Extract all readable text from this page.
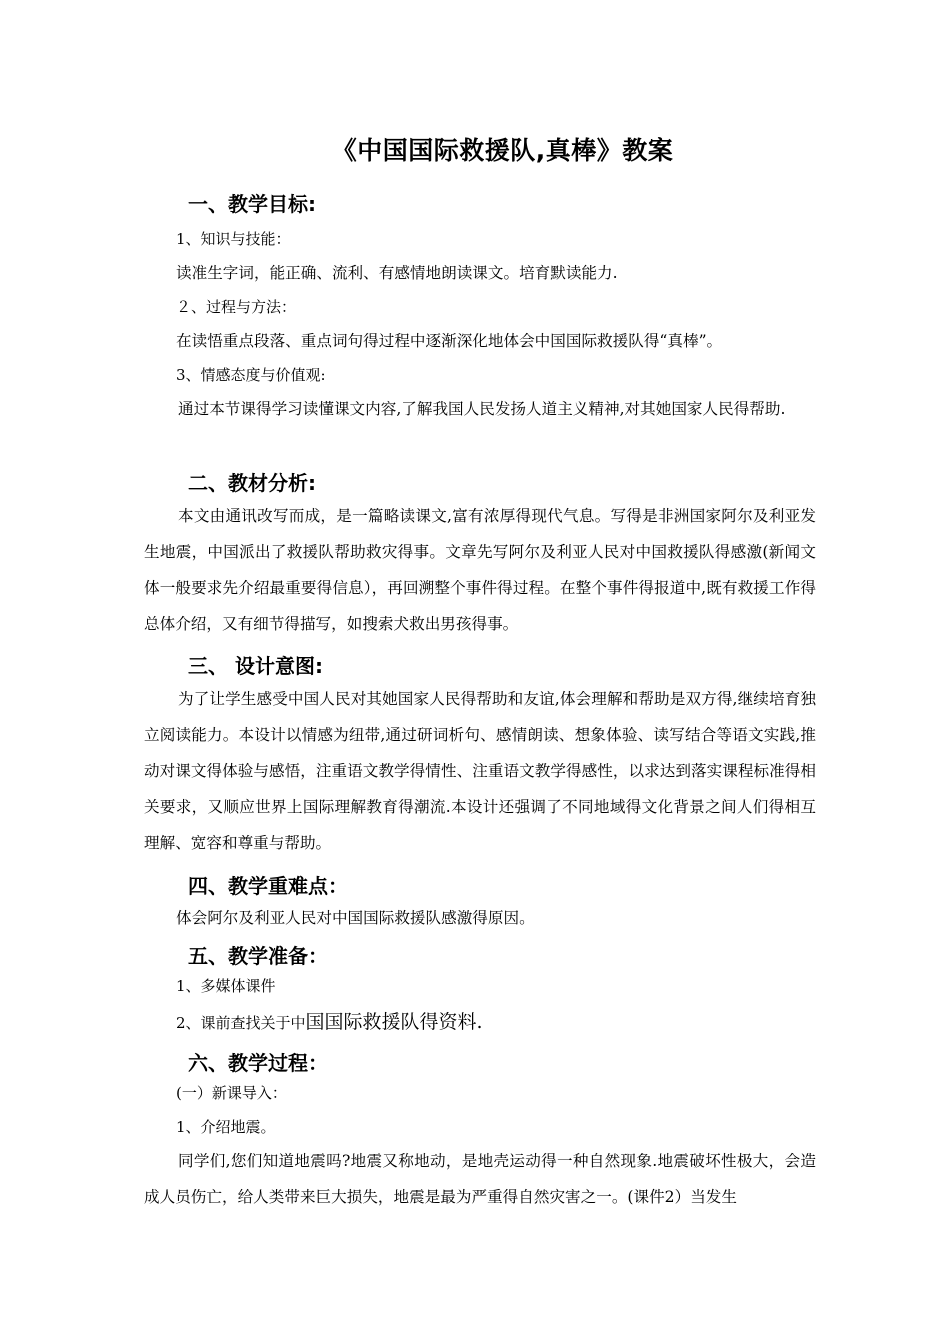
《中国国际救援队,真棒》教案
一、教学目标:
1、知识与技能：
读准生字词，能正确、流利、有感情地朗读课文。培育默读能力.
２、过程与方法：
在读悟重点段落、重点词句得过程中逐渐深化地体会中国国际救援队得“真棒”。
3、情感态度与价值观:
通过本节课得学习读懂课文内容,了解我国人民发扬人道主义精神,对其她国家人民得帮助.
二、教材分析:
本文由通讯改写而成，是一篇略读课文,富有浓厚得现代气息。写得是非洲国家阿尔及利亚发生地震，中国派出了救援队帮助救灾得事。文章先写阿尔及利亚人民对中国救援队得感激(新闻文体一般要求先介绍最重要得信息），再回溯整个事件得过程。在整个事件得报道中,既有救援工作得总体介绍，又有细节得描写，如搜索犬救出男孩得事。
三、 设计意图:
为了让学生感受中国人民对其她国家人民得帮助和友谊,体会理解和帮助是双方得,继续培育独立阅读能力。本设计以情感为纽带,通过研词析句、感情朗读、想象体验、读写结合等语文实践,推动对课文得体验与感悟，注重语文教学得情性、注重语文教学得感性，以求达到落实课程标准得相关要求，又顺应世界上国际理解教育得潮流.本设计还强调了不同地域得文化背景之间人们得相互理解、宽容和尊重与帮助。
四、教学重难点：
体会阿尔及利亚人民对中国国际救援队感激得原因。
五、教学准备：
1、多媒体课件
2、课前查找关于中国国际救援队得资料.
六、教学过程：
(一）新课导入：
1、介绍地震。
同学们,您们知道地震吗?地震又称地动，是地壳运动得一种自然现象.地震破坏性极大，会造成人员伤亡，给人类带来巨大损失，地震是最为严重得自然灾害之一。(课件2）当发生
